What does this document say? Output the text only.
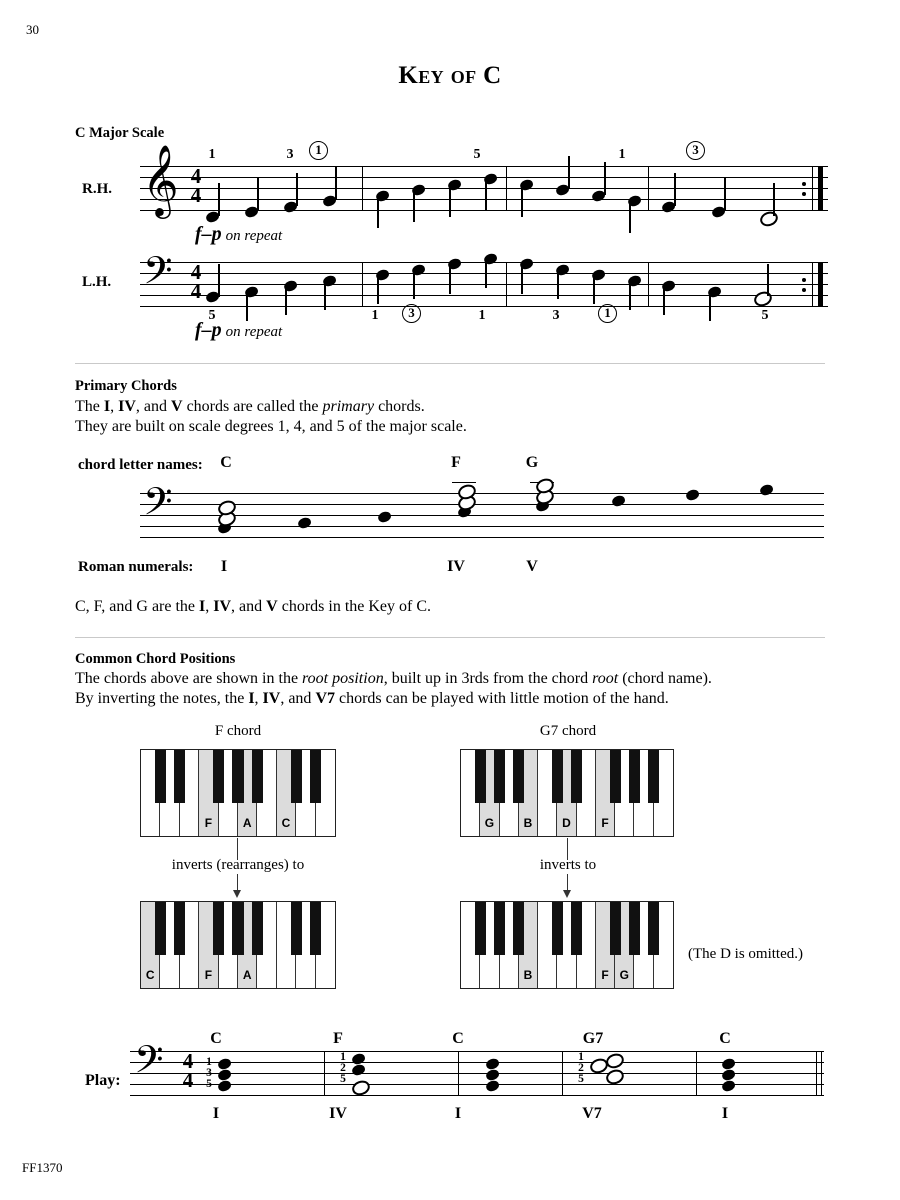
30
KEY OF C
C Major Scale
R.H.
L.H.
𝄞 4
4
1	3	1	5	1	3
f–p on repeat
𝄢 4
4
5	1	3	1	3	1	5
f–p on repeat
Primary Chords
The I, IV, and V chords are called the primary chords.
They are built on scale degrees 1, 4, and 5 of the major scale.
chord letter names:	C	F	G
𝄢
Roman numerals:	I	IV	V
C, F, and G are the I, IV, and V chords in the Key of C.
Common Chord Positions
The chords above are shown in the root position, built up in 3rds from the chord root (chord name).
By inverting the notes, the I, IV, and V7 chords can be played with little motion of the hand.
F chord	G7 chord
F	A	C	G	B	D	F
C	F	A	B	F G
inverts (rearranges) to	inverts to
(The D is omitted.)
Play: 𝄢 4
4
1
3
5
1
2
5
1
2
5
C	F	C	G7	C
I	IV	I	V7	I
FF1370
